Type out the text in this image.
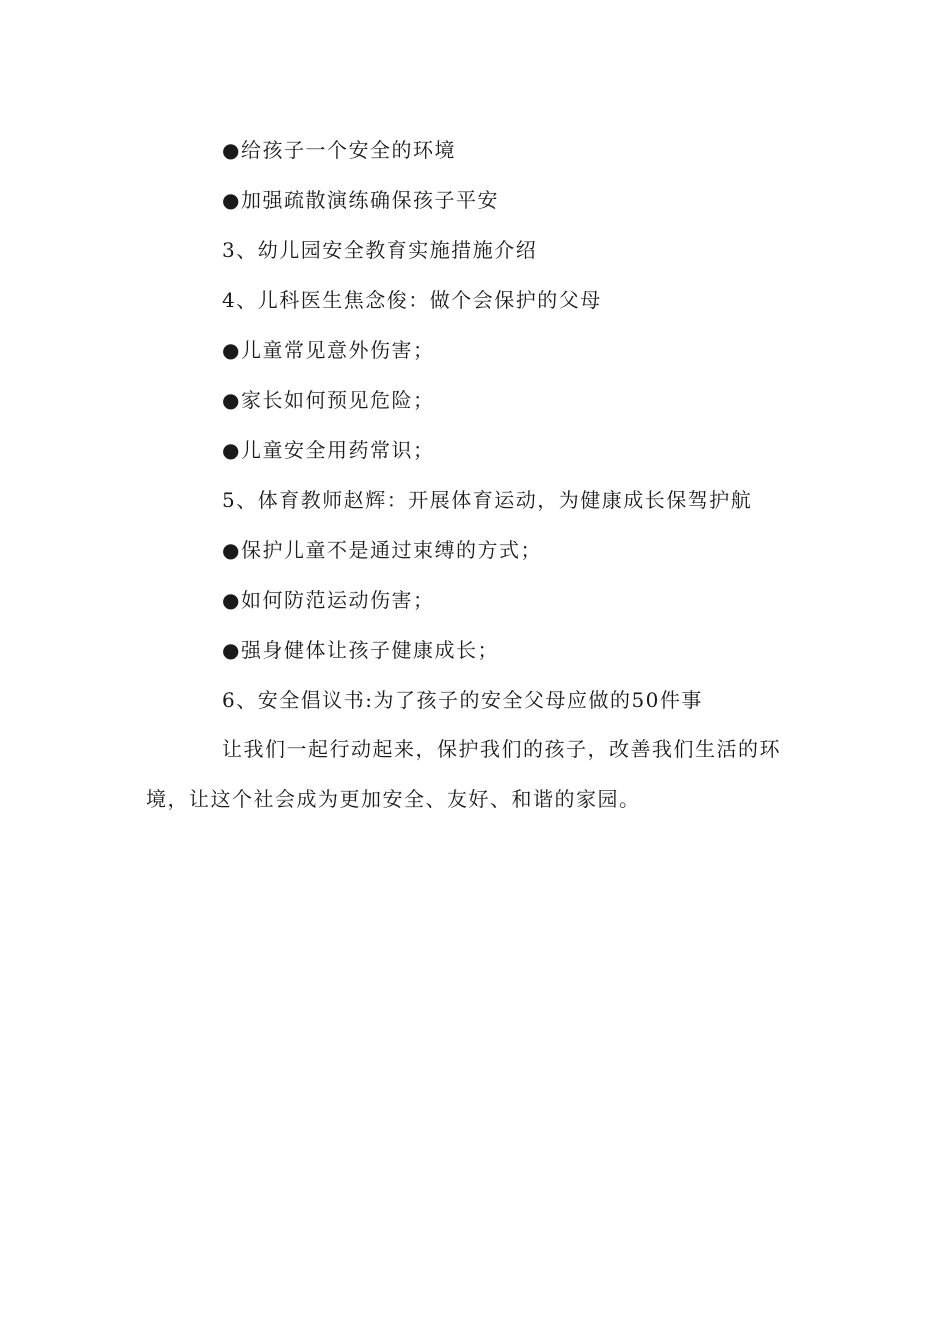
●给孩子一个安全的环境
●加强疏散演练确保孩子平安
3、幼儿园安全教育实施措施介绍
4、儿科医生焦念俊：做个会保护的父母
●儿童常见意外伤害；
●家长如何预见危险；
●儿童安全用药常识；
5、体育教师赵辉：开展体育运动，为健康成长保驾护航
●保护儿童不是通过束缚的方式；
●如何防范运动伤害；
●强身健体让孩子健康成长；
6、安全倡议书:为了孩子的安全父母应做的50件事
让我们一起行动起来，保护我们的孩子，改善我们生活的环
境，让这个社会成为更加安全、友好、和谐的家园。
